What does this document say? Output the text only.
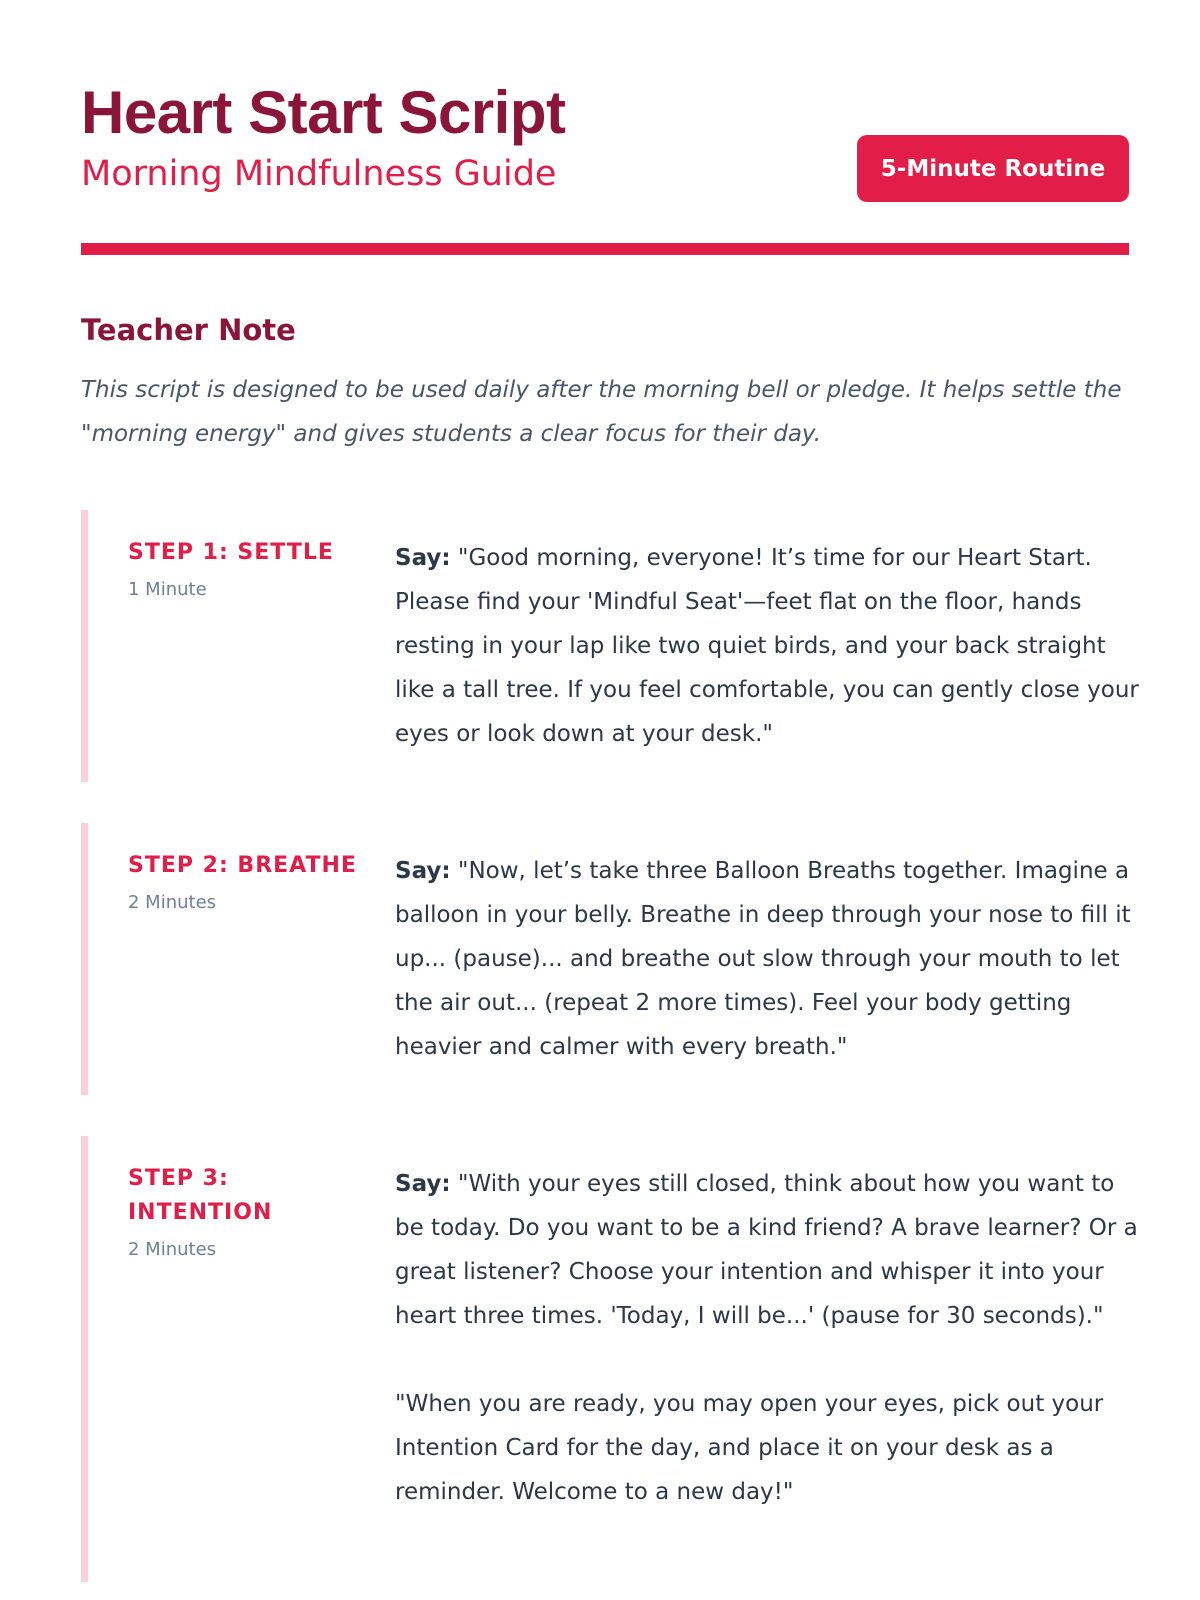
Heart Start Script
Morning Mindfulness Guide	5-Minute Routine
Teacher Note

This script is designed to be used daily after the morning bell or pledge. It helps settle the "morning energy" and gives students a clear focus for their day.

STEP 1: SETTLE
1 Minute

Say: "Good morning, everyone! It’s time for our Heart Start. Please find your 'Mindful Seat'—feet flat on the floor, hands resting in your lap like two quiet birds, and your back straight like a tall tree. If you feel comfortable, you can gently close your eyes or look down at your desk."

STEP 2: BREATHE
2 Minutes

Say: "Now, let’s take three Balloon Breaths together. Imagine a balloon in your belly. Breathe in deep through your nose to fill it up... (pause)... and breathe out slow through your mouth to let the air out... (repeat 2 more times). Feel your body getting heavier and calmer with every breath."

STEP 3: INTENTION
2 Minutes

Say: "With your eyes still closed, think about how you want to be today. Do you want to be a kind friend? A brave learner? Or a great listener? Choose your intention and whisper it into your heart three times. 'Today, I will be...' (pause for 30 seconds)."

"When you are ready, you may open your eyes, pick out your Intention Card for the day, and place it on your desk as a reminder. Welcome to a new day!"
